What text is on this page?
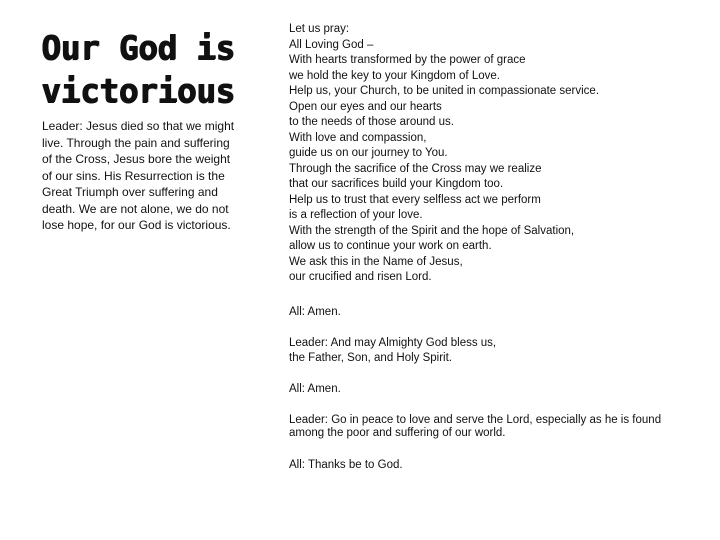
Our God is
victorious
Leader: Jesus died so that we might live. Through the pain and suffering of the Cross, Jesus bore the weight of our sins. His Resurrection is the Great Triumph over suffering and death. We are not alone, we do not lose hope, for our God is victorious.
Let us pray:
All Loving God –
With hearts transformed by the power of grace
we hold the key to your Kingdom of Love.
Help us, your Church, to be united in compassionate service.
Open our eyes and our hearts
to the needs of those around us.
With love and compassion,
guide us on our journey to You.
Through the sacrifice of the Cross may we realize
that our sacrifices build your Kingdom too.
Help us to trust that every selfless act we perform
is a reflection of your love.
With the strength of the Spirit and the hope of Salvation,
allow us to continue your work on earth.
We ask this in the Name of Jesus,
our crucified and risen Lord.
All: Amen.
Leader: And may Almighty God bless us,
the Father, Son, and Holy Spirit.
All: Amen.
Leader: Go in peace to love and serve the Lord, especially as he is found among the poor and suffering of our world.
All: Thanks be to God.
